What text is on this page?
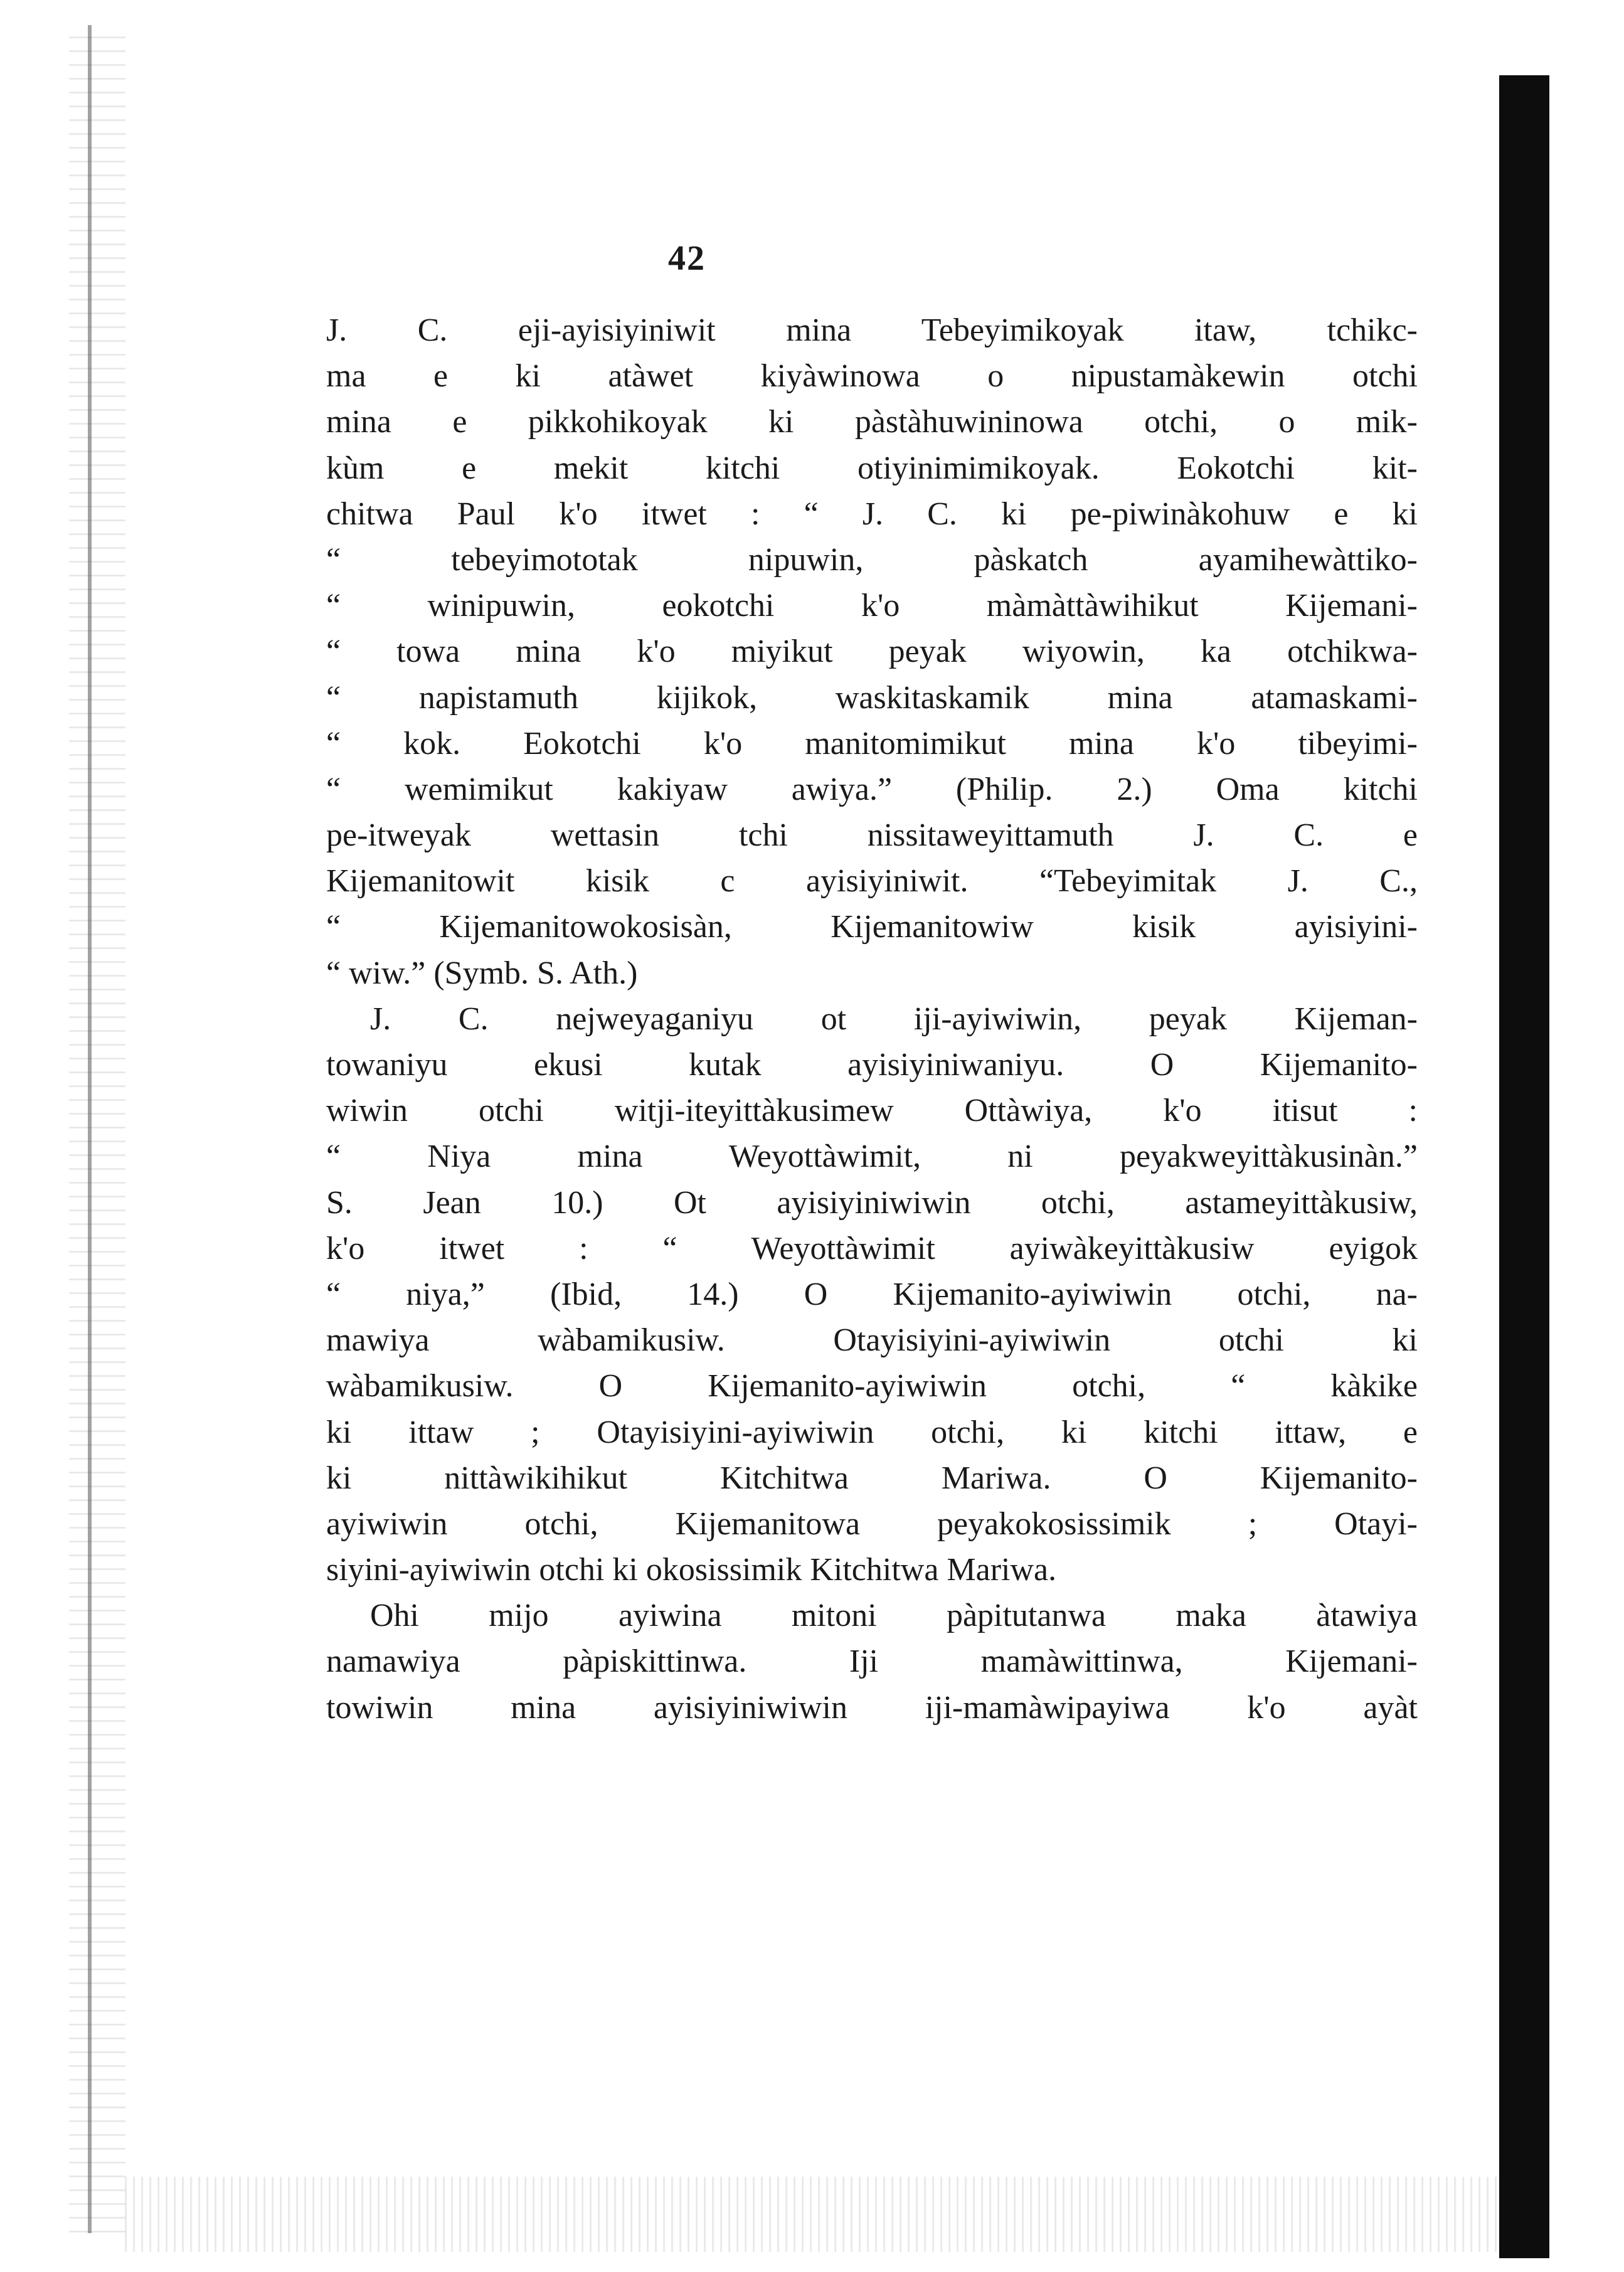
42
J. C. eji-ayisiyiniwit mina Tebeyimikoyak itaw, tchikc-
ma e ki atàwet kiyàwinowa o nipustamàkewin otchi
mina e pikkohikoyak ki pàstàhuwininowa otchi, o mik-
kùm e mekit kitchi otiyinimimikoyak. Eokotchi kit-
chitwa Paul k'o itwet : “ J. C. ki pe-piwinàkohuw e ki
“ tebeyimototak nipuwin, pàskatch ayamihewàttiko-
“ winipuwin, eokotchi k'o màmàttàwihikut Kijemani-
“ towa mina k'o miyikut peyak wiyowin, ka otchikwa-
“ napistamuth kijikok, waskitaskamik mina atamaskami-
“ kok. Eokotchi k'o manitomimikut mina k'o tibeyimi-
“ wemimikut kakiyaw awiya.” (Philip. 2.) Oma kitchi
pe-itweyak wettasin tchi nissitaweyittamuth J. C. e
Kijemanitowit kisik c ayisiyiniwit. “Tebeyimitak J. C.,
“ Kijemanitowokosisàn, Kijemanitowiw kisik ayisiyini-
“ wiw.” (Symb. S. Ath.)
J. C. nejweyaganiyu ot iji-ayiwiwin, peyak Kijeman-
towaniyu ekusi kutak ayisiyiniwaniyu. O Kijemanito-
wiwin otchi witji-iteyittàkusimew Ottàwiya, k'o itisut :
“ Niya mina Weyottàwimit, ni peyakweyittàkusinàn.”
S. Jean 10.) Ot ayisiyiniwiwin otchi, astameyittàkusiw,
k'o itwet : “ Weyottàwimit ayiwàkeyittàkusiw eyigok
“ niya,” (Ibid, 14.) O Kijemanito-ayiwiwin otchi, na-
mawiya wàbamikusiw. Otayisiyini-ayiwiwin otchi ki
wàbamikusiw. O Kijemanito-ayiwiwin otchi, “ kàkike
ki ittaw ; Otayisiyini-ayiwiwin otchi, ki kitchi ittaw, e
ki nittàwikihikut Kitchitwa Mariwa. O Kijemanito-
ayiwiwin otchi, Kijemanitowa peyakokosissimik ; Otayi-
siyini-ayiwiwin otchi ki okosissimik Kitchitwa Mariwa.
Ohi mijo ayiwina mitoni pàpitutanwa maka àtawiya
namawiya pàpiskittinwa. Iji mamàwittinwa, Kijemani-
towiwin mina ayisiyiniwiwin iji-mamàwipayiwa k'o ayàt
